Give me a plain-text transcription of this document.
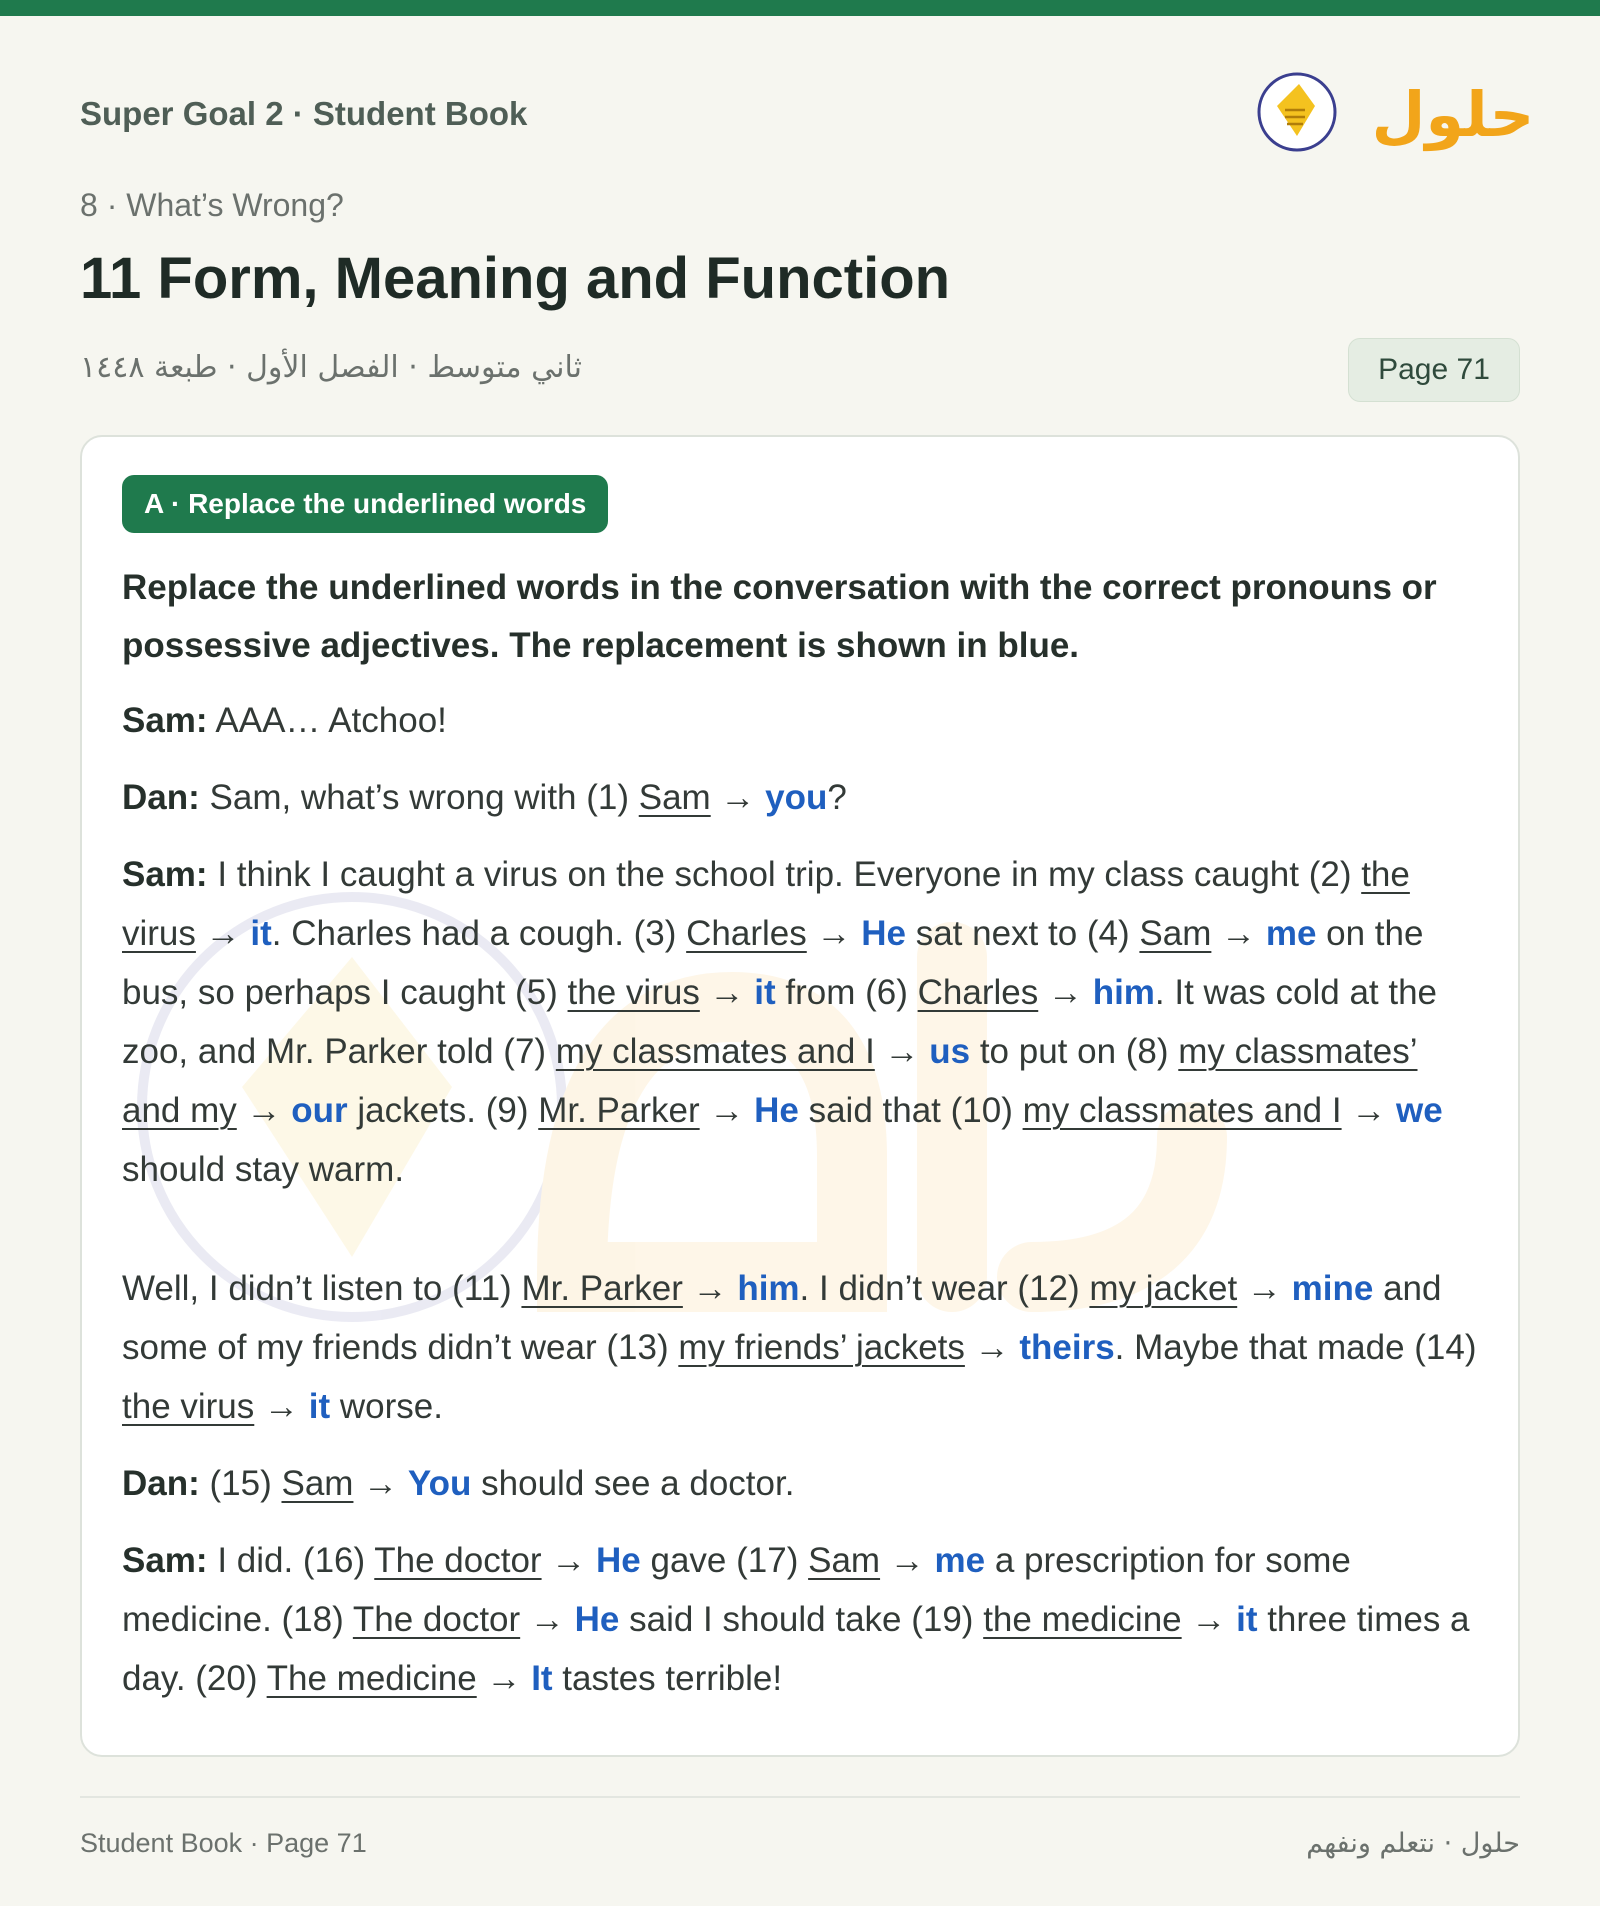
Super Goal 2 · Student Book	حلول
8 · What’s Wrong?
11 Form, Meaning and Function
ثاني متوسط · الفصل الأول · طبعة ١٤٤٨	Page 71
A · Replace the underlined words
Replace the underlined words in the conversation with the correct pronouns or possessive adjectives. The replacement is shown in blue.
Sam: AAA… Atchoo!
Dan: Sam, what’s wrong with (1) Sam → you?
Sam: I think I caught a virus on the school trip. Everyone in my class caught (2) the virus → it. Charles had a cough. (3) Charles → He sat next to (4) Sam → me on the bus, so perhaps I caught (5) the virus → it from (6) Charles → him. It was cold at the zoo, and Mr. Parker told (7) my classmates and I → us to put on (8) my classmates’ and my → our jackets. (9) Mr. Parker → He said that (10) my classmates and I → we should stay warm.
Well, I didn’t listen to (11) Mr. Parker → him. I didn’t wear (12) my jacket → mine and some of my friends didn’t wear (13) my friends’ jackets → theirs. Maybe that made (14) the virus → it worse.
Dan: (15) Sam → You should see a doctor.
Sam: I did. (16) The doctor → He gave (17) Sam → me a prescription for some medicine. (18) The doctor → He said I should take (19) the medicine → it three times a day. (20) The medicine → It tastes terrible!
Student Book · Page 71	حلول · نتعلم ونفهم
